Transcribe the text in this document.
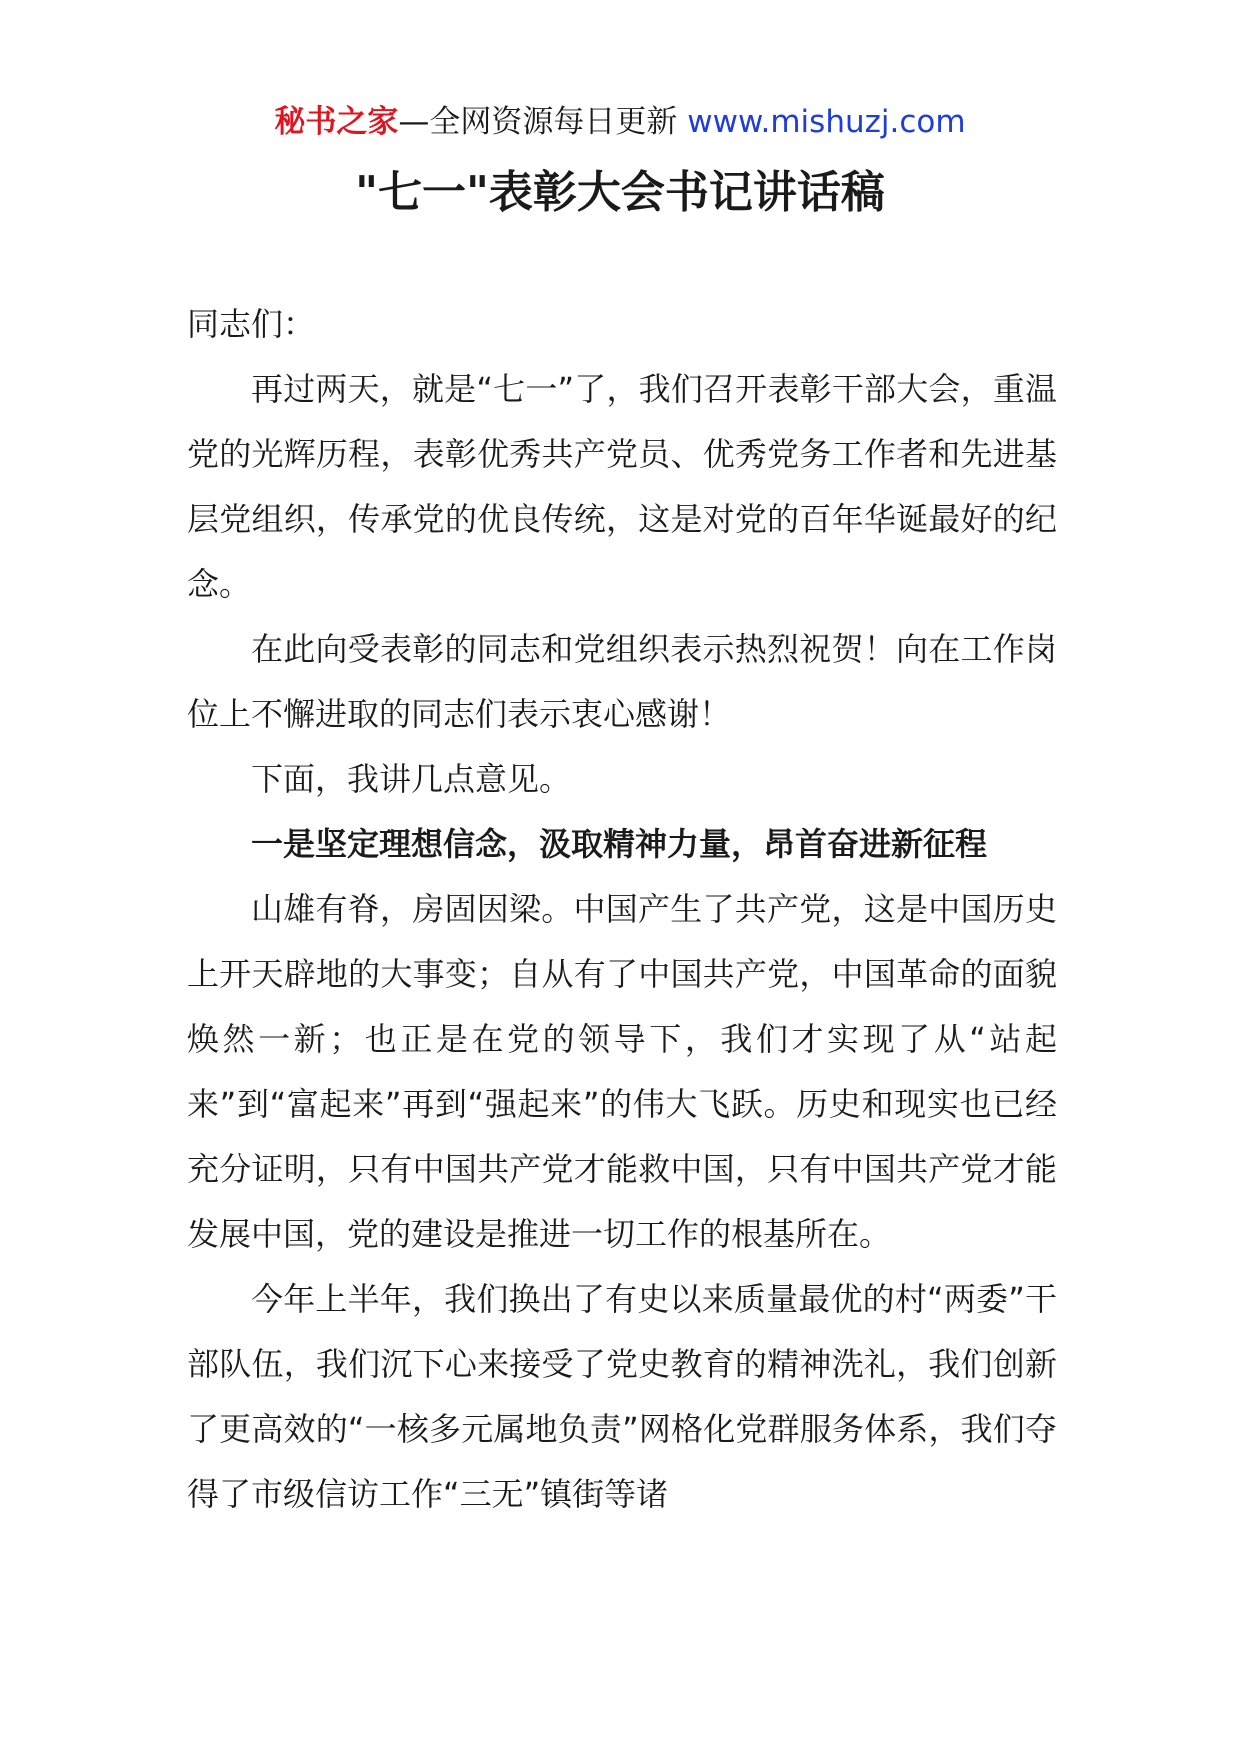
秘书之家—全网资源每日更新 www.mishuzj.com
"七一"表彰大会书记讲话稿

同志们：

再过两天，就是“七一”了，我们召开表彰干部大会，重温党的光辉历程，表彰优秀共产党员、优秀党务工作者和先进基层党组织，传承党的优良传统，这是对党的百年华诞最好的纪念。

在此向受表彰的同志和党组织表示热烈祝贺！向在工作岗位上不懈进取的同志们表示衷心感谢！

下面，我讲几点意见。

一是坚定理想信念，汲取精神力量，昂首奋进新征程

山雄有脊，房固因梁。中国产生了共产党，这是中国历史上开天辟地的大事变；自从有了中国共产党，中国革命的面貌焕然一新；也正是在党的领导下，我们才实现了从“站起来”到“富起来”再到“强起来”的伟大飞跃。历史和现实也已经充分证明，只有中国共产党才能救中国，只有中国共产党才能发展中国，党的建设是推进一切工作的根基所在。

今年上半年，我们换出了有史以来质量最优的村“两委”干部队伍，我们沉下心来接受了党史教育的精神洗礼，我们创新了更高效的“一核多元属地负责”网格化党群服务体系，我们夺得了市级信访工作“三无”镇街等诸
